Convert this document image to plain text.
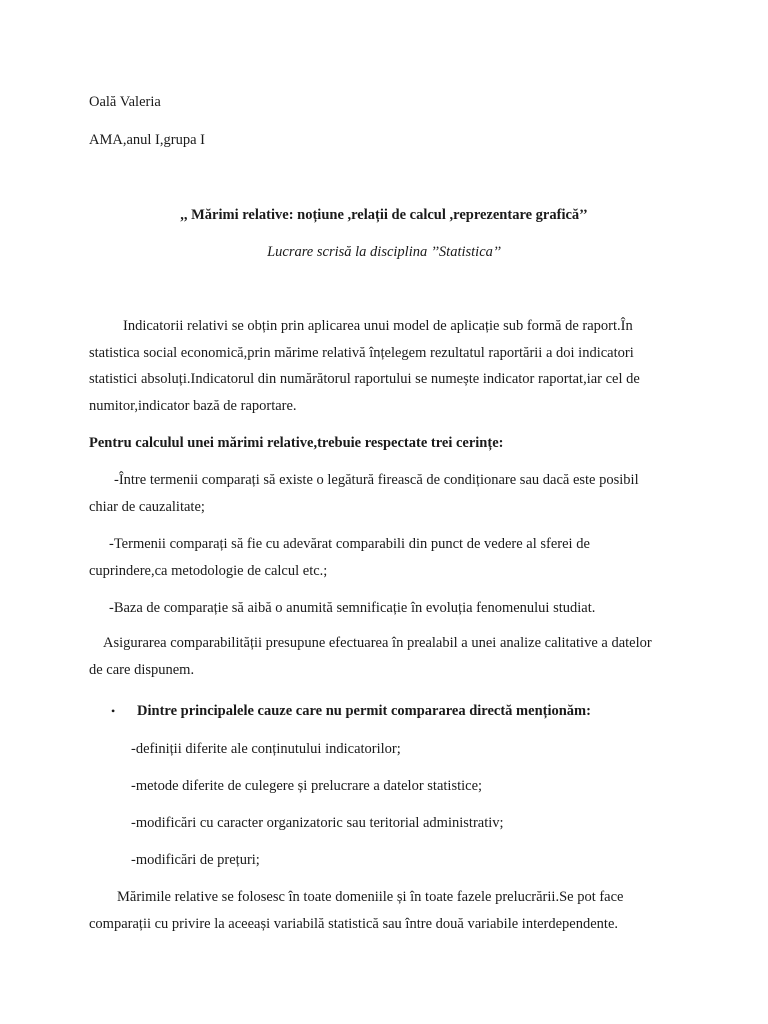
Oală Valeria
AMA,anul I,grupa I
,, Mărimi relative: noțiune ,relații de calcul ,reprezentare grafică’’
Lucrare scrisă la disciplina ’’Statistica’’
Indicatorii relativi se obțin prin aplicarea unui model de aplicație sub formă de raport.În
statistica social economică,prin mărime relativă înțelegem rezultatul raportării a doi indicatori
statistici absoluți.Indicatorul din numărătorul raportului se numește indicator raportat,iar cel de
numitor,indicator bază de raportare.
Pentru calculul unei mărimi relative,trebuie respectate trei cerințe:
-Între termenii comparați să existe o legătură firească de condiționare sau dacă este posibil
chiar de cauzalitate;
-Termenii comparați să fie cu adevărat comparabili din punct de vedere al sferei de
cuprindere,ca metodologie de calcul etc.;
-Baza de comparație să aibă o anumită semnificație în evoluția fenomenului studiat.
Asigurarea comparabilității presupune efectuarea în prealabil a unei analize calitative a datelor
de care dispunem.
• Dintre principalele cauze care nu permit compararea directă menționăm:
-definiții diferite ale conținutului indicatorilor;
-metode diferite de culegere și prelucrare a datelor statistice;
-modificări cu caracter organizatoric sau teritorial administrativ;
-modificări de prețuri;
Mărimile relative se folosesc în toate domeniile și în toate fazele prelucrării.Se pot face
comparații cu privire la aceeași variabilă statistică sau între două variabile interdependente.
